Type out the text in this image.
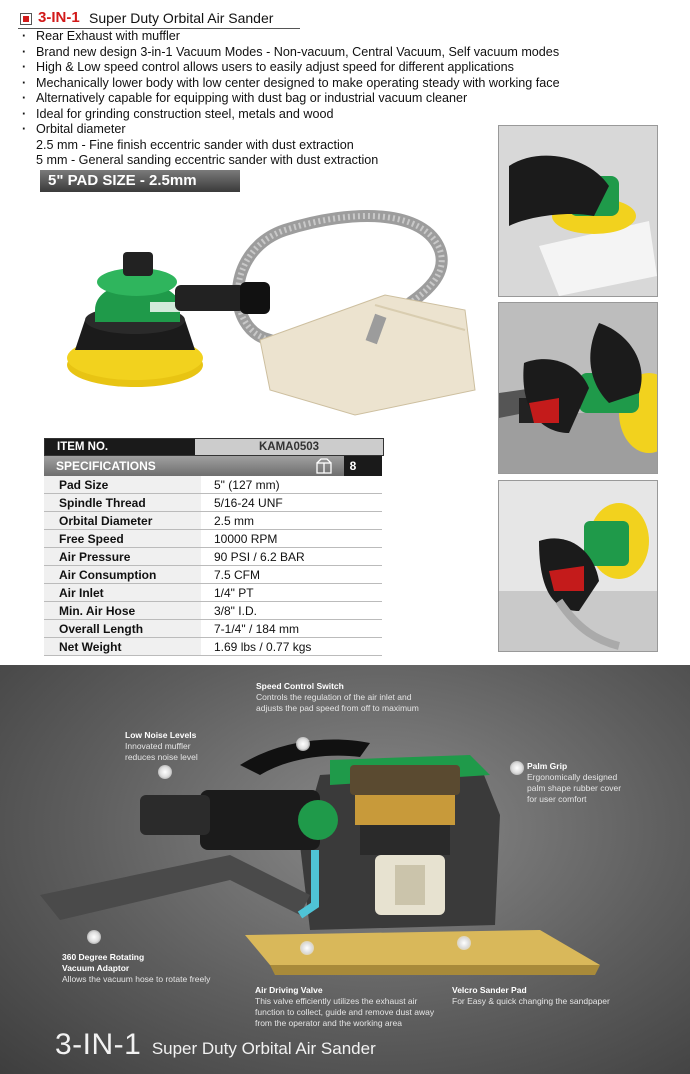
3-IN-1 Super Duty Orbital Air Sander
· Rear Exhaust with muffler
· Brand new design 3-in-1 Vacuum Modes - Non-vacuum, Central Vacuum, Self vacuum modes
· High & Low speed control allows users to easily adjust speed for different applications
· Mechanically lower body with low center designed to make operating steady with working face
· Alternatively capable for equipping with dust bag or industrial vacuum cleaner
· Ideal for grinding construction steel, metals and wood
· Orbital diameter
2.5 mm - Fine finish eccentric sander with dust extraction
5 mm - General sanding eccentric sander with dust extraction
5" PAD SIZE - 2.5mm
ITEM NO.	KAMA0503
SPECIFICATIONS	8
Pad Size	5" (127 mm)
Spindle Thread	5/16-24 UNF
Orbital Diameter	2.5 mm
Free Speed	10000 RPM
Air Pressure	90 PSI / 6.2 BAR
Air Consumption	7.5 CFM
Air Inlet	1/4" PT
Min. Air Hose	3/8" I.D.
Overall Length	7-1/4" / 184 mm
Net Weight	1.69 lbs / 0.77 kgs
Speed Control Switch
Controls the regulation of the air inlet and
adjusts the pad speed from off to maximum
Low Noise Levels
Innovated muffler
reduces noise level
Palm Grip
Ergonomically designed
palm shape rubber cover
for user comfort
360 Degree Rotating
Vacuum Adaptor
Allows the vacuum hose to rotate freely
Air Driving Valve
This valve efficiently utilizes the exhaust air
function to collect, guide and remove dust away
from the operator and the working area
Velcro Sander Pad
For Easy & quick changing the sandpaper
3-IN-1 Super Duty Orbital Air Sander
